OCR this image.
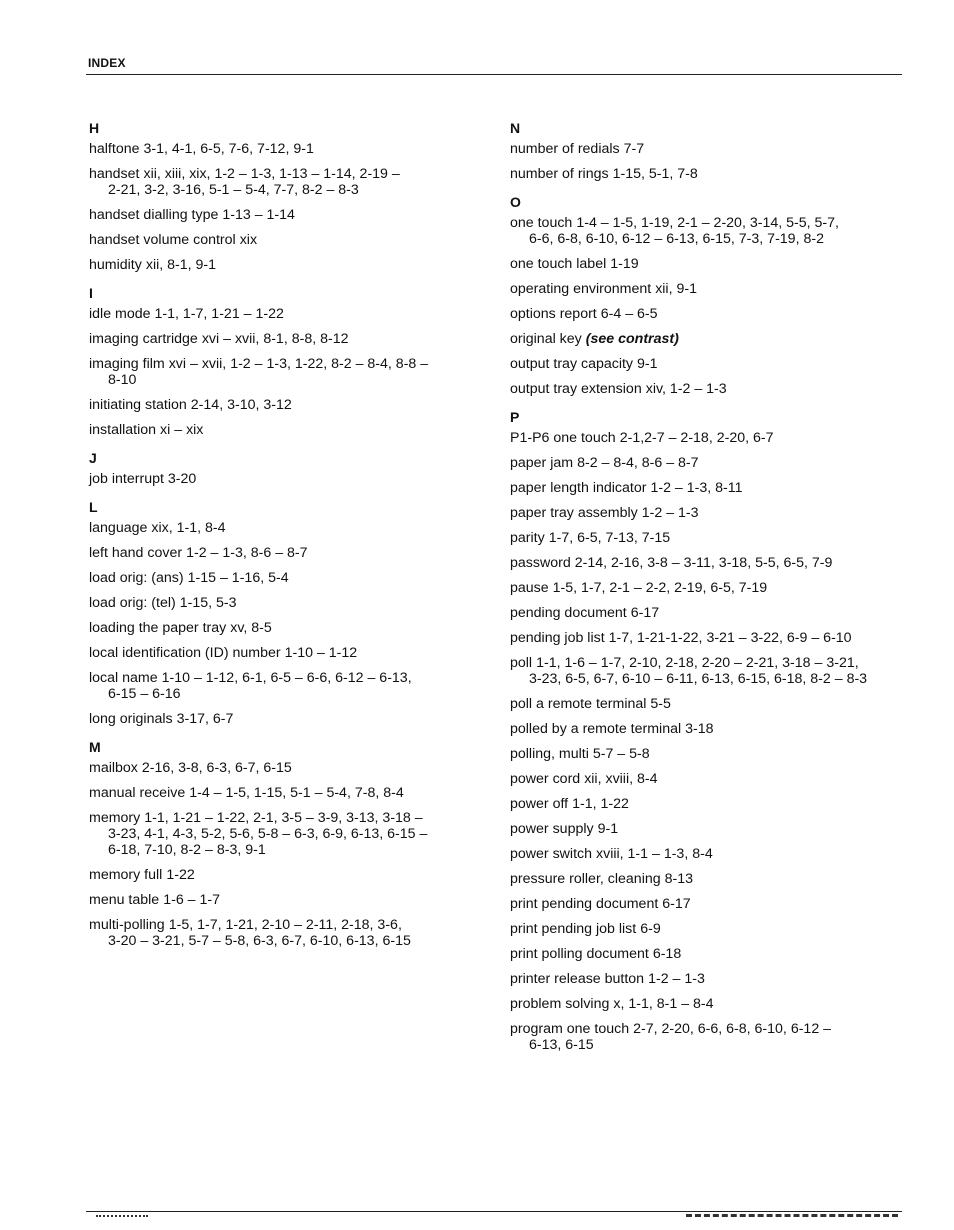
INDEX
H
halftone 3-1, 4-1, 6-5, 7-6, 7-12, 9-1
handset xii, xiii, xix, 1-2 – 1-3, 1-13 – 1-14, 2-19 –
2-21, 3-2, 3-16, 5-1 – 5-4, 7-7, 8-2 – 8-3
handset dialling type 1-13 – 1-14
handset volume control xix
humidity xii, 8-1, 9-1
I
idle mode 1-1, 1-7, 1-21 – 1-22
imaging cartridge xvi – xvii, 8-1, 8-8, 8-12
imaging film xvi – xvii, 1-2 – 1-3, 1-22, 8-2 – 8-4, 8-8 –
8-10
initiating station 2-14, 3-10, 3-12
installation xi – xix
J
job interrupt 3-20
L
language xix, 1-1, 8-4
left hand cover 1-2 – 1-3, 8-6 – 8-7
load orig: (ans) 1-15 – 1-16, 5-4
load orig: (tel) 1-15, 5-3
loading the paper tray xv, 8-5
local identification (ID) number 1-10 – 1-12
local name 1-10 – 1-12, 6-1, 6-5 – 6-6, 6-12 – 6-13,
6-15 – 6-16
long originals 3-17, 6-7
M
mailbox 2-16, 3-8, 6-3, 6-7, 6-15
manual receive 1-4 – 1-5, 1-15, 5-1 – 5-4, 7-8, 8-4
memory 1-1, 1-21 – 1-22, 2-1, 3-5 – 3-9, 3-13, 3-18 –
3-23, 4-1, 4-3, 5-2, 5-6, 5-8 – 6-3, 6-9, 6-13, 6-15 –
6-18, 7-10, 8-2 – 8-3, 9-1
memory full 1-22
menu table 1-6 – 1-7
multi-polling 1-5, 1-7, 1-21, 2-10 – 2-11, 2-18, 3-6,
3-20 – 3-21, 5-7 – 5-8, 6-3, 6-7, 6-10, 6-13, 6-15
N
number of redials 7-7
number of rings 1-15, 5-1, 7-8
O
one touch 1-4 – 1-5, 1-19, 2-1 – 2-20, 3-14, 5-5, 5-7,
6-6, 6-8, 6-10, 6-12 – 6-13, 6-15, 7-3, 7-19, 8-2
one touch label 1-19
operating environment xii, 9-1
options report 6-4 – 6-5
original key (see contrast)
output tray capacity 9-1
output tray extension xiv, 1-2 – 1-3
P
P1-P6 one touch 2-1,2-7 – 2-18, 2-20, 6-7
paper jam 8-2 – 8-4, 8-6 – 8-7
paper length indicator 1-2 – 1-3, 8-11
paper tray assembly 1-2 – 1-3
parity 1-7, 6-5, 7-13, 7-15
password 2-14, 2-16, 3-8 – 3-11, 3-18, 5-5, 6-5, 7-9
pause 1-5, 1-7, 2-1 – 2-2, 2-19, 6-5, 7-19
pending document 6-17
pending job list 1-7, 1-21-1-22, 3-21 – 3-22, 6-9 – 6-10
poll 1-1, 1-6 – 1-7, 2-10, 2-18, 2-20 – 2-21, 3-18 – 3-21,
3-23, 6-5, 6-7, 6-10 – 6-11, 6-13, 6-15, 6-18, 8-2 – 8-3
poll a remote terminal 5-5
polled by a remote terminal 3-18
polling, multi 5-7 – 5-8
power cord xii, xviii, 8-4
power off 1-1, 1-22
power supply 9-1
power switch xviii, 1-1 – 1-3, 8-4
pressure roller, cleaning 8-13
print pending document 6-17
print pending job list 6-9
print polling document 6-18
printer release button 1-2 – 1-3
problem solving x, 1-1, 8-1 – 8-4
program one touch 2-7, 2-20, 6-6, 6-8, 6-10, 6-12 –
6-13, 6-15
